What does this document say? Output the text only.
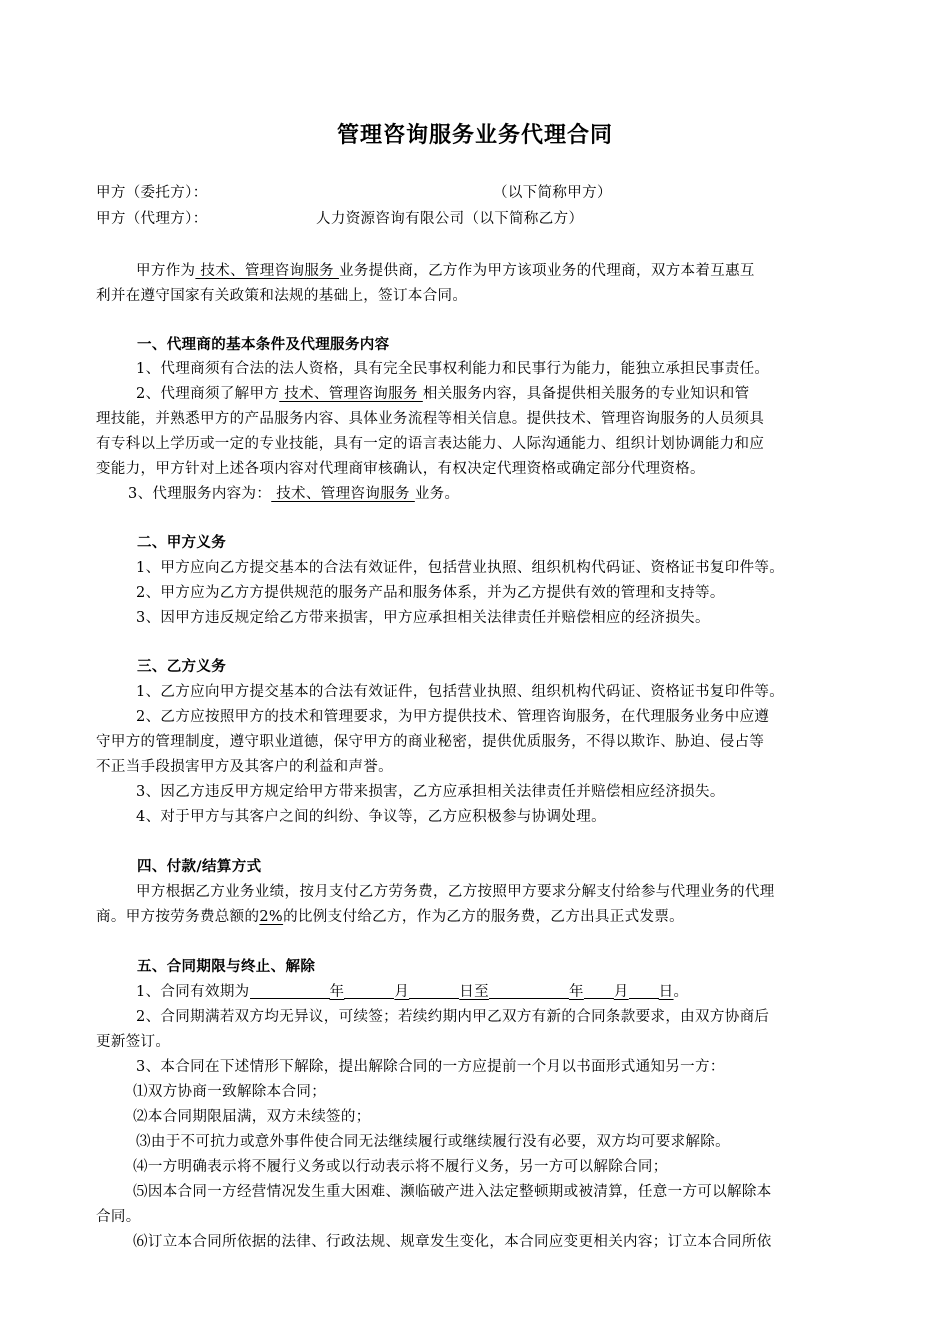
管理咨询服务业务代理合同
甲方（委托方）：	（以下简称甲方）
甲方（代理方）：	人力资源咨询有限公司（以下简称乙方）
甲方作为 技术、管理咨询服务 业务提供商，乙方作为甲方该项业务的代理商，双方本着互惠互
利并在遵守国家有关政策和法规的基础上，签订本合同。
一、代理商的基本条件及代理服务内容
1、代理商须有合法的法人资格，具有完全民事权利能力和民事行为能力，能独立承担民事责任。
2、代理商须了解甲方 技术、管理咨询服务 相关服务内容，具备提供相关服务的专业知识和管
理技能，并熟悉甲方的产品服务内容、具体业务流程等相关信息。提供技术、管理咨询服务的人员须具
有专科以上学历或一定的专业技能，具有一定的语言表达能力、人际沟通能力、组织计划协调能力和应
变能力，甲方针对上述各项内容对代理商审核确认，有权决定代理资格或确定部分代理资格。
3、代理服务内容为： 技术、管理咨询服务 业务。
二、甲方义务
1、甲方应向乙方提交基本的合法有效证件，包括营业执照、组织机构代码证、资格证书复印件等。
2、甲方应为乙方方提供规范的服务产品和服务体系，并为乙方提供有效的管理和支持等。
3、因甲方违反规定给乙方带来损害，甲方应承担相关法律责任并赔偿相应的经济损失。
三、乙方义务
1、乙方应向甲方提交基本的合法有效证件，包括营业执照、组织机构代码证、资格证书复印件等。
2、乙方应按照甲方的技术和管理要求，为甲方提供技术、管理咨询服务，在代理服务业务中应遵
守甲方的管理制度，遵守职业道德，保守甲方的商业秘密，提供优质服务，不得以欺诈、胁迫、侵占等
不正当手段损害甲方及其客户的利益和声誉。
3、因乙方违反甲方规定给甲方带来损害，乙方应承担相关法律责任并赔偿相应经济损失。
4、对于甲方与其客户之间的纠纷、争议等，乙方应积极参与协调处理。
四、付款/结算方式
甲方根据乙方业务业绩，按月支付乙方劳务费，乙方按照甲方要求分解支付给参与代理业务的代理
商。甲方按劳务费总额的2%的比例支付给乙方，作为乙方的服务费，乙方出具正式发票。
五、合同期限与终止、解除
1、合同有效期为	年	月	日至	年 月 日。
2、合同期满若双方均无异议，可续签；若续约期内甲乙双方有新的合同条款要求，由双方协商后
更新签订。
3、本合同在下述情形下解除，提出解除合同的一方应提前一个月以书面形式通知另一方：
⑴双方协商一致解除本合同；
⑵本合同期限届满，双方未续签的；
⑶由于不可抗力或意外事件使合同无法继续履行或继续履行没有必要，双方均可要求解除。
⑷一方明确表示将不履行义务或以行动表示将不履行义务，另一方可以解除合同；
⑸因本合同一方经营情况发生重大困难、濒临破产进入法定整顿期或被清算，任意一方可以解除本
合同。
⑹订立本合同所依据的法律、行政法规、规章发生变化，本合同应变更相关内容；订立本合同所依
